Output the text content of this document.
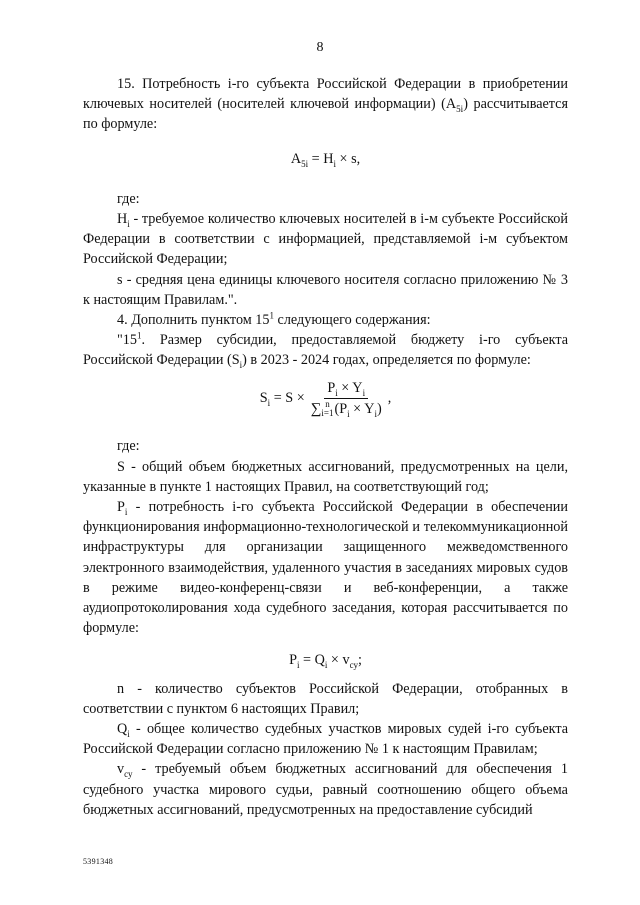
8

15. Потребность i-го субъекта Российской Федерации в приобретении ключевых носителей (носителей ключевой информации) $(A_{5i})$ рассчитывается по формуле:

$A_{5i} = H_i \times s$,

где:

$H_i$ - требуемое количество ключевых носителей в i-м субъекте Российской Федерации в соответствии с информацией, представляемой i-м субъектом Российской Федерации;

s - средняя цена единицы ключевого носителя согласно приложению № 3 к настоящим Правилам.".

4. Дополнить пунктом $15^1$ следующего содержания:

"$15^1$. Размер субсидии, предоставляемой бюджету i-го субъекта Российской Федерации $(S_i)$ в 2023 - 2024 годах, определяется по формуле:

$S_i = S \times P_i \times Y_i$
∑ n
i=1 $(P_i \times Y_i)$ ,

где:

S - общий объем бюджетных ассигнований, предусмотренных на цели, указанные в пункте 1 настоящих Правил, на соответствующий год;

$P_i$ - потребность i-го субъекта Российской Федерации в обеспечении функционирования информационно-технологической и телекоммуникационной инфраструктуры для организации защищенного межведомственного электронного взаимодействия, удаленного участия в заседаниях мировых судов в режиме видео-конференц-связи и веб-конференции, а также аудиопротоколирования хода судебного заседания, которая рассчитывается по формуле:

$P_i = Q_i \times v_{су}$;

n - количество субъектов Российской Федерации, отобранных в соответствии с пунктом 6 настоящих Правил;

$Q_i$ - общее количество судебных участков мировых судей i-го субъекта Российской Федерации согласно приложению № 1 к настоящим Правилам;

$v_{су}$ - требуемый объем бюджетных ассигнований для обеспечения 1 судебного участка мирового судьи, равный соотношению общего объема бюджетных ассигнований, предусмотренных на предоставление субсидий

5391348
